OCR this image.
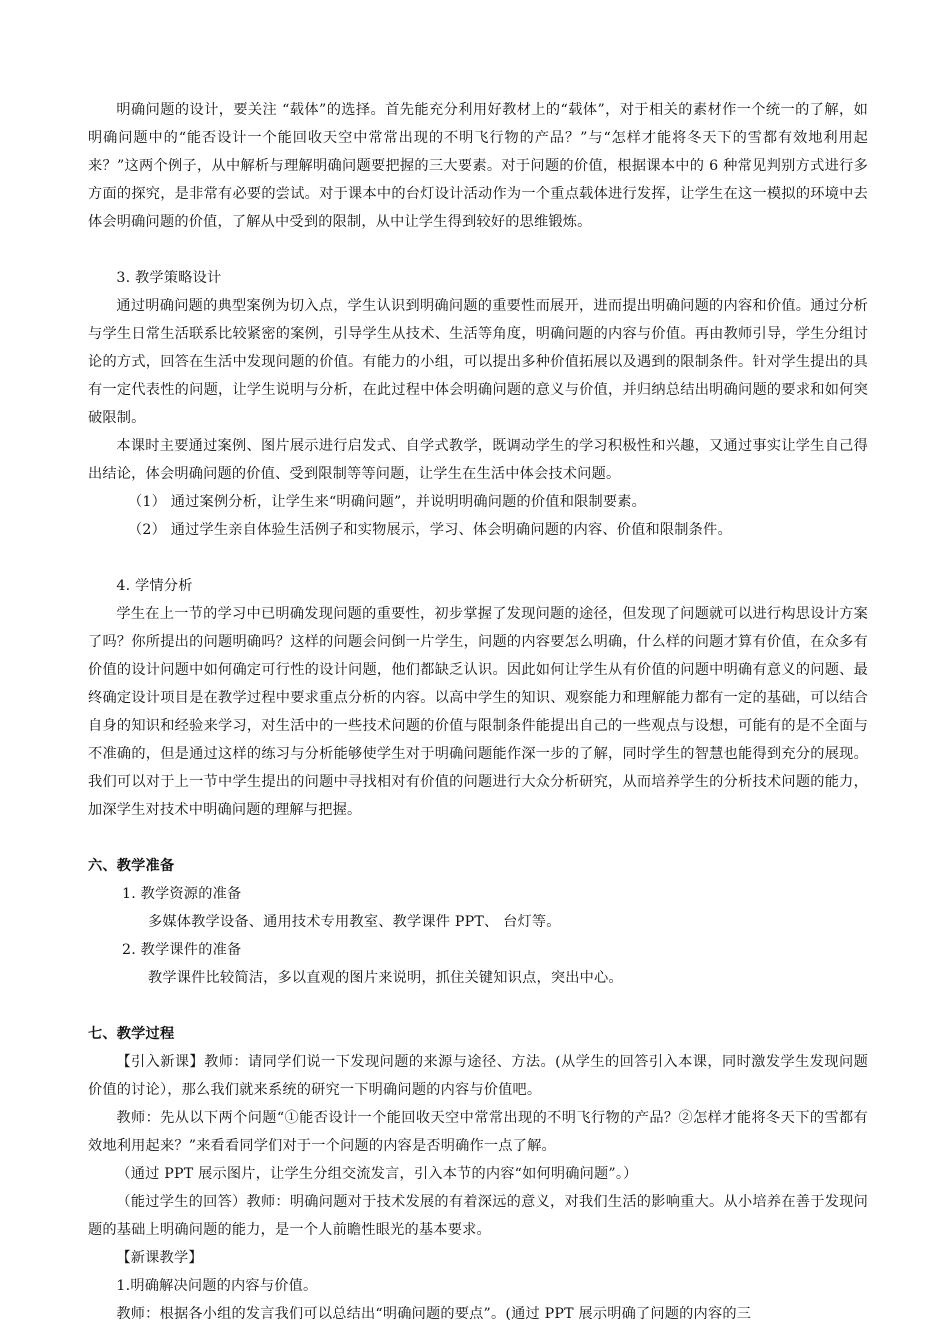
明确问题的设计，要关注 “载体”的选择。首先能充分利用好教材上的“载体”，对于相关的素材作一个统一的了解，如明确问题中的“能否设计一个能回收天空中常常出现的不明飞行物的产品？”与“怎样才能将冬天下的雪都有效地利用起来？”这两个例子，从中解析与理解明确问题要把握的三大要素。对于问题的价值，根据课本中的 6 种常见判别方式进行多方面的探究，是非常有必要的尝试。对于课本中的台灯设计活动作为一个重点载体进行发挥，让学生在这一模拟的环境中去体会明确问题的价值，了解从中受到的限制，从中让学生得到较好的思维锻炼。

3. 教学策略设计

通过明确问题的典型案例为切入点，学生认识到明确问题的重要性而展开，进而提出明确问题的内容和价值。通过分析与学生日常生活联系比较紧密的案例，引导学生从技术、生活等角度，明确问题的内容与价值。再由教师引导，学生分组讨论的方式，回答在生活中发现问题的价值。有能力的小组，可以提出多种价值拓展以及遇到的限制条件。针对学生提出的具有一定代表性的问题，让学生说明与分析，在此过程中体会明确问题的意义与价值，并归纳总结出明确问题的要求和如何突破限制。

本课时主要通过案例、图片展示进行启发式、自学式教学，既调动学生的学习积极性和兴趣，又通过事实让学生自己得出结论，体会明确问题的价值、受到限制等等问题，让学生在生活中体会技术问题。

（1） 通过案例分析，让学生来“明确问题”，并说明明确问题的价值和限制要素。

（2） 通过学生亲自体验生活例子和实物展示，学习、体会明确问题的内容、价值和限制条件。

4. 学情分析

学生在上一节的学习中已明确发现问题的重要性，初步掌握了发现问题的途径，但发现了问题就可以进行构思设计方案了吗？你所提出的问题明确吗？这样的问题会问倒一片学生，问题的内容要怎么明确，什么样的问题才算有价值，在众多有价值的设计问题中如何确定可行性的设计问题，他们都缺乏认识。因此如何让学生从有价值的问题中明确有意义的问题、最终确定设计项目是在教学过程中要求重点分析的内容。以高中学生的知识、观察能力和理解能力都有一定的基础，可以结合自身的知识和经验来学习，对生活中的一些技术问题的价值与限制条件能提出自己的一些观点与设想，可能有的是不全面与不准确的，但是通过这样的练习与分析能够使学生对于明确问题能作深一步的了解，同时学生的智慧也能得到充分的展现。我们可以对于上一节中学生提出的问题中寻找相对有价值的问题进行大众分析研究，从而培养学生的分析技术问题的能力，加深学生对技术中明确问题的理解与把握。

六、教学准备

1. 教学资源的准备

多媒体教学设备、通用技术专用教室、教学课件 PPT、 台灯等。

2. 教学课件的准备

教学课件比较简洁，多以直观的图片来说明，抓住关键知识点，突出中心。

七、教学过程

【引入新课】教师：请同学们说一下发现问题的来源与途径、方法。(从学生的回答引入本课，同时激发学生发现问题价值的讨论），那么我们就来系统的研究一下明确问题的内容与价值吧。

教师：先从以下两个问题“①能否设计一个能回收天空中常常出现的不明飞行物的产品？②怎样才能将冬天下的雪都有效地利用起来？”来看看同学们对于一个问题的内容是否明确作一点了解。

（通过 PPT 展示图片，让学生分组交流发言，引入本节的内容“如何明确问题”。）

（能过学生的回答）教师：明确问题对于技术发展的有着深远的意义，对我们生活的影响重大。从小培养在善于发现问题的基础上明确问题的能力，是一个人前瞻性眼光的基本要求。

【新课教学】

1.明确解决问题的内容与价值。

教师：根据各小组的发言我们可以总结出“明确问题的要点”。(通过 PPT 展示明确了问题的内容的三
